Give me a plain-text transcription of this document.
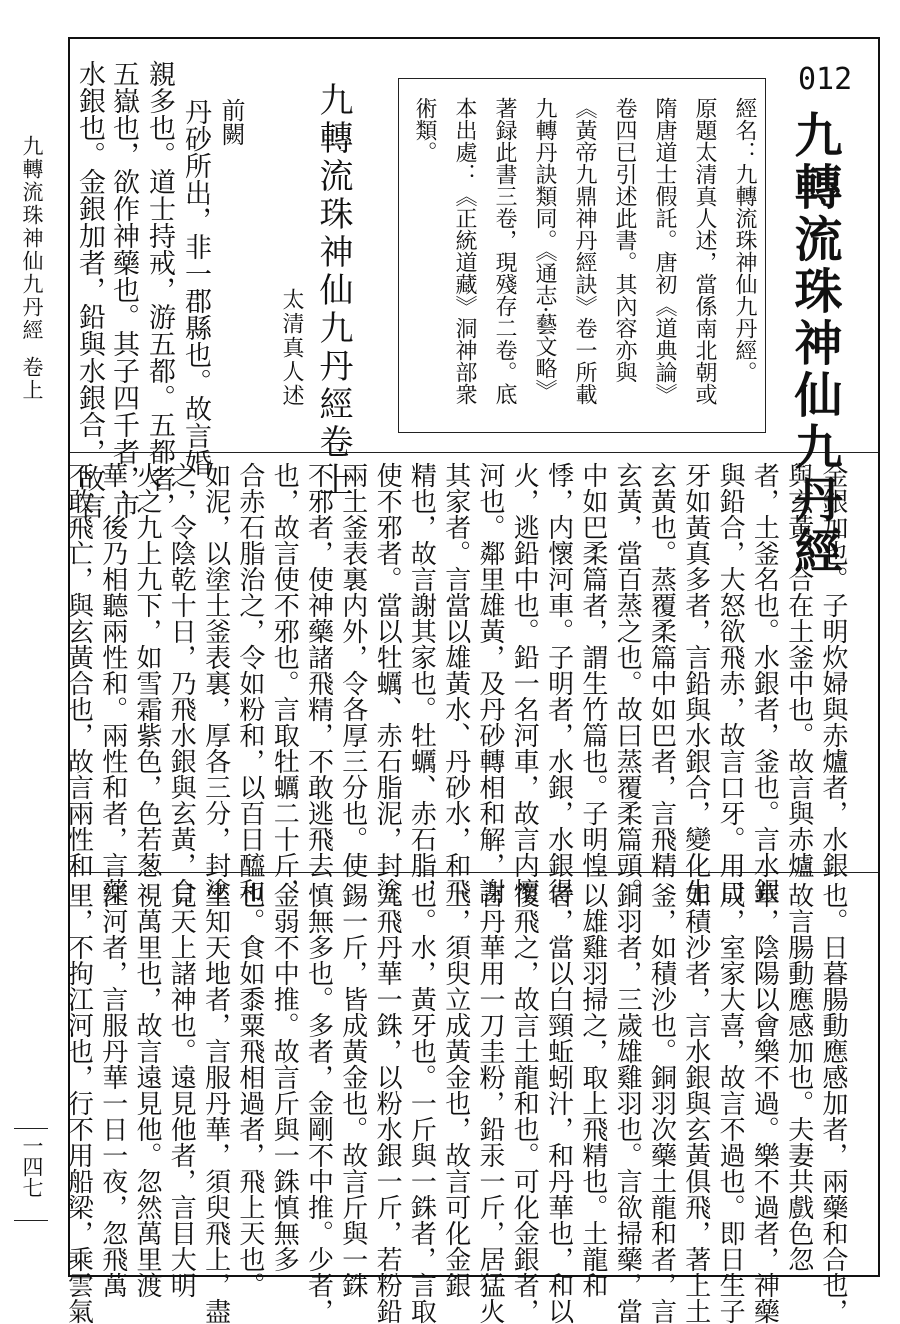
九轉流珠神仙九丹經卷上
一四七
012
九轉流珠神仙九丹經
經名：九轉流珠神仙九丹經。
原題太清真人述，當係南北朝或
隋唐道士假託。唐初《道典論》
卷四已引述此書。其內容亦與
《黃帝九鼎神丹經訣》卷一所載
九轉丹訣類同。《通志·藝文略》
著録此書三卷，現殘存二卷。底
本出處：《正統道藏》洞神部衆
術類。
九轉流珠神仙九丹經卷上
太清真人述
前闕
丹砂所出，非一郡縣也。故言婚
親多也。道士持戒，游五都。五都者，
五嶽也，欲作神藥也。其子四千者，市
水銀也。金銀加者，鉛與水銀合，故言
金銀加也。子明炊婦與赤爐者，水銀
與玄黃，合在土釜中也。故言與赤爐
者，土釜名也。水銀者，釜也。言水銀
與鉛合，大怒欲飛赤，故言口牙。用口
牙如黃真多者，言鉛與水銀合，變化生
玄黃也。蒸覆柔篇中如巴者，言飛精
玄黃，當百蒸之也。故曰蒸覆柔篇頭。
中如巴柔篇者，謂生竹篇也。子明惶
悸，内懷河車。子明者，水銀，水銀得
火，逃鉛中也。鉛一名河車，故言内懷
河也。鄰里雄黃，及丹砂轉相和解，謝
其家者。言當以雄黃水、丹砂水，和飛
精也，故言謝其家也。牡蠣、赤石脂，
使不邪者。當以牡蠣、赤石脂泥，封塗
兩土釜表裏内外，令各厚三分也。使
不邪者，使神藥諸飛精，不敢逃飛去
也，故言使不邪也。言取牡蠣二十斤，
合赤石脂治之，令如粉和，以百日醯和
如泥，以塗土釜表裏，厚各三分，封塗
之，令陰乾十日，乃飛水銀與玄黃，合
火之九上九下，如雪霜紫色，色若葱
華，後乃相聽兩性和。兩性和者，言藥
不敢飛亡，與玄黃合也，故言兩性和
也。日暮腸動應感加者，兩藥和合也，
故言腸動應感加也。夫妻共戲色忽
華，陰陽以會樂不過。樂不過者，神藥
成，室家大喜，故言不過也。即日生子
如積沙者，言水銀與玄黃俱飛，著上土
釜，如積沙也。銅羽次藥土龍和者，言
銅羽者，三歲雄雞羽也。言欲掃藥，當
以雄雞羽掃之，取上飛精也。土龍和
者，當以白頸蚯蚓汁，和丹華也，和以
復飛之，故言土龍和也。可化金銀者，
言丹華用一刀圭粉，鉛汞一斤，居猛火
上，須臾立成黃金也，故言可化金銀
也。水，黃牙也。一斤與一銖者，言取
九飛丹華一銖，以粉水銀一斤，若粉鉛
錫一斤，皆成黃金也。故言斤與一銖
慎無多也。多者，金剛不中推。少者，
金弱不中推。故言斤與一銖慎無多
也。食如黍粟飛相過者，飛上天也。
坐知天地者，言服丹華，須臾飛上，盡
見天上諸神也。遠見他者，言目大明
視萬里也，故言遠見他。忽然萬里渡
江河者，言服丹華一日一夜，忽飛萬
里，不拘江河也，行不用船梁，乘雲氣
